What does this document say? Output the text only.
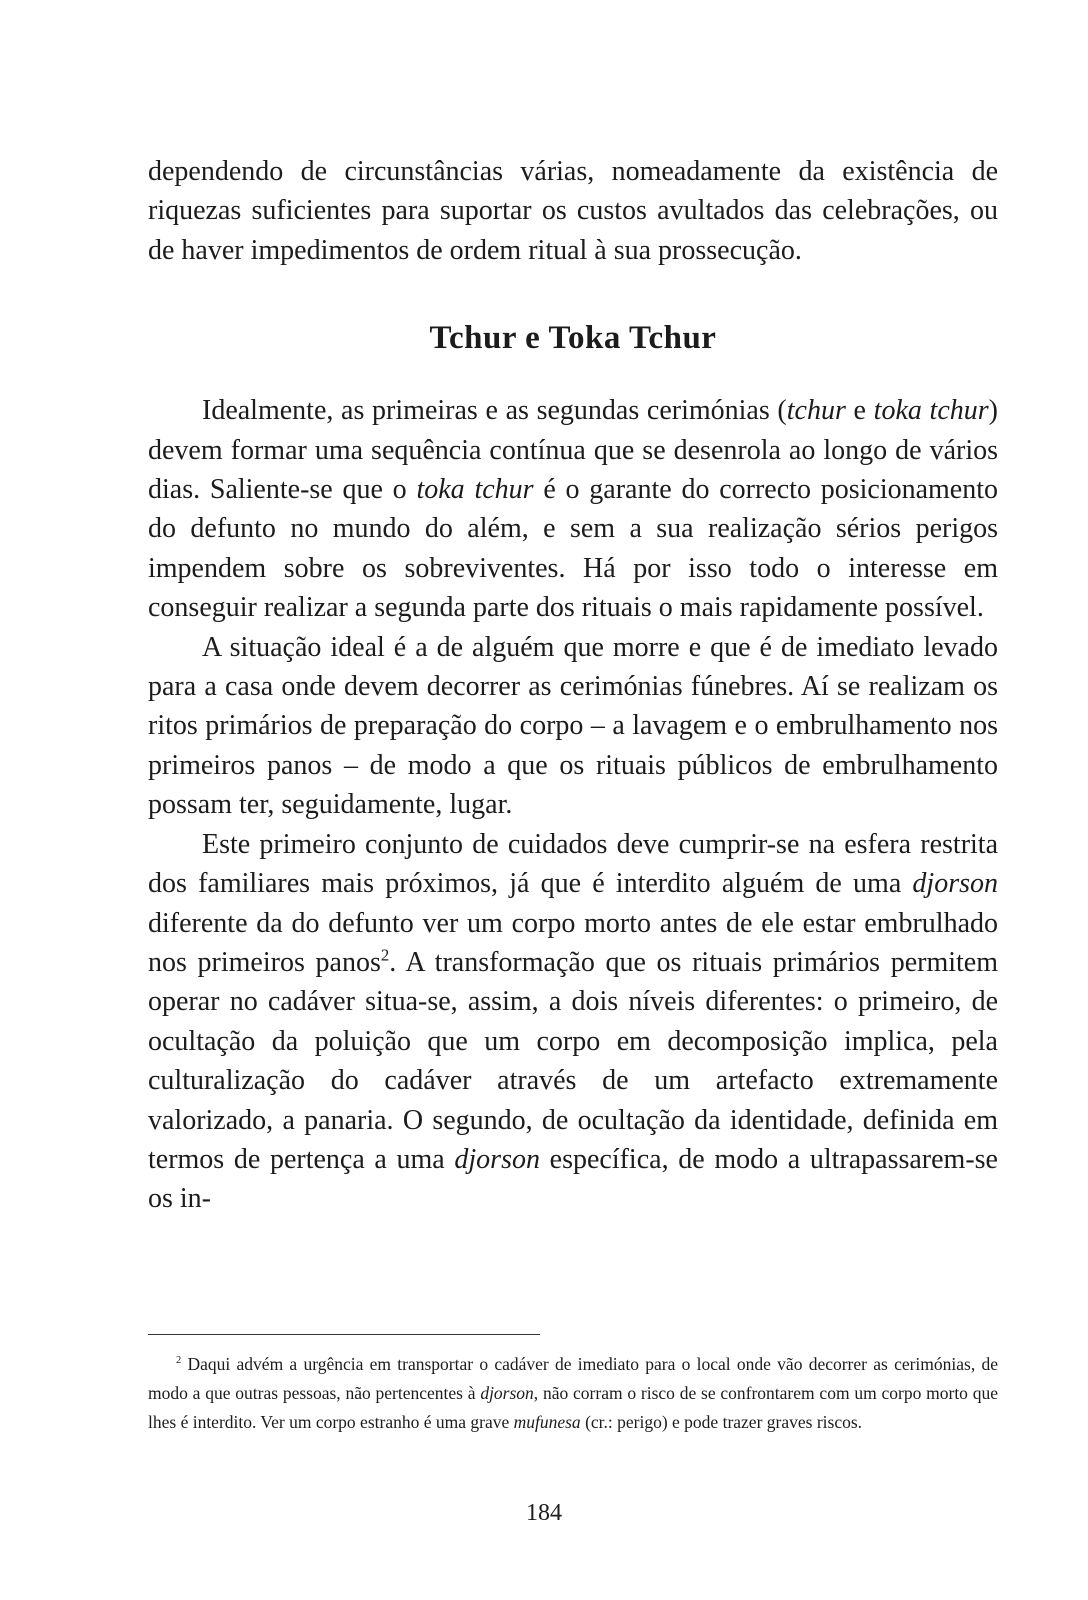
dependendo de circunstâncias várias, nomeadamente da existência de riquezas suficientes para suportar os custos avultados das celebrações, ou de haver impedimentos de ordem ritual à sua prossecução.

Tchur e Toka Tchur

Idealmente, as primeiras e as segundas cerimónias (tchur e toka tchur) devem formar uma sequência contínua que se desenrola ao longo de vários dias. Saliente-se que o toka tchur é o garante do correcto posicionamento do defunto no mundo do além, e sem a sua realização sérios perigos impendem sobre os sobreviventes. Há por isso todo o interesse em conseguir realizar a segunda parte dos rituais o mais rapidamente possível.

A situação ideal é a de alguém que morre e que é de imediato levado para a casa onde devem decorrer as cerimónias fúnebres. Aí se realizam os ritos primários de preparação do corpo – a lavagem e o embrulhamento nos primeiros panos – de modo a que os rituais públicos de embrulhamento possam ter, seguidamente, lugar.

Este primeiro conjunto de cuidados deve cumprir-se na esfera restrita dos familiares mais próximos, já que é interdito alguém de uma djorson diferente da do defunto ver um corpo morto antes de ele estar embrulhado nos primeiros panos$^2$. A transformação que os rituais primários permitem operar no cadáver situa-se, assim, a dois níveis diferentes: o primeiro, de ocultação da poluição que um corpo em decomposição implica, pela culturalização do cadáver através de um artefacto extremamente valorizado, a panaria. O segundo, de ocultação da identidade, definida em termos de pertença a uma djorson específica, de modo a ultrapassarem-se os in-

$^2$ Daqui advém a urgência em transportar o cadáver de imediato para o local onde vão decorrer as cerimónias, de modo a que outras pessoas, não pertencentes à djorson, não corram o risco de se confrontarem com um corpo morto que lhes é interdito. Ver um corpo estranho é uma grave mufunesa (cr.: perigo) e pode trazer graves riscos.

184
